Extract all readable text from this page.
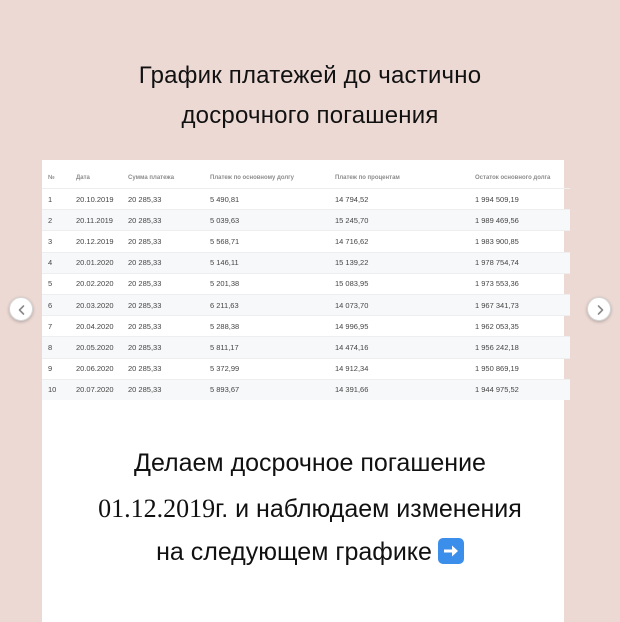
График платежей до частично
досрочного погашения
№	Дата	Сумма платежа	Платеж по основному долгу	Платеж по процентам	Остаток основного долга
1	20.10.2019	20 285,33	5 490,81	14 794,52	1 994 509,19
2	20.11.2019	20 285,33	5 039,63	15 245,70	1 989 469,56
3	20.12.2019	20 285,33	5 568,71	14 716,62	1 983 900,85
4	20.01.2020	20 285,33	5 146,11	15 139,22	1 978 754,74
5	20.02.2020	20 285,33	5 201,38	15 083,95	1 973 553,36
6	20.03.2020	20 285,33	6 211,63	14 073,70	1 967 341,73
7	20.04.2020	20 285,33	5 288,38	14 996,95	1 962 053,35
8	20.05.2020	20 285,33	5 811,17	14 474,16	1 956 242,18
9	20.06.2020	20 285,33	5 372,99	14 912,34	1 950 869,19
10	20.07.2020	20 285,33	5 893,67	14 391,66	1 944 975,52
Делаем досрочное погашение
01.12.2019г. и наблюдаем изменения
на следующем графике
